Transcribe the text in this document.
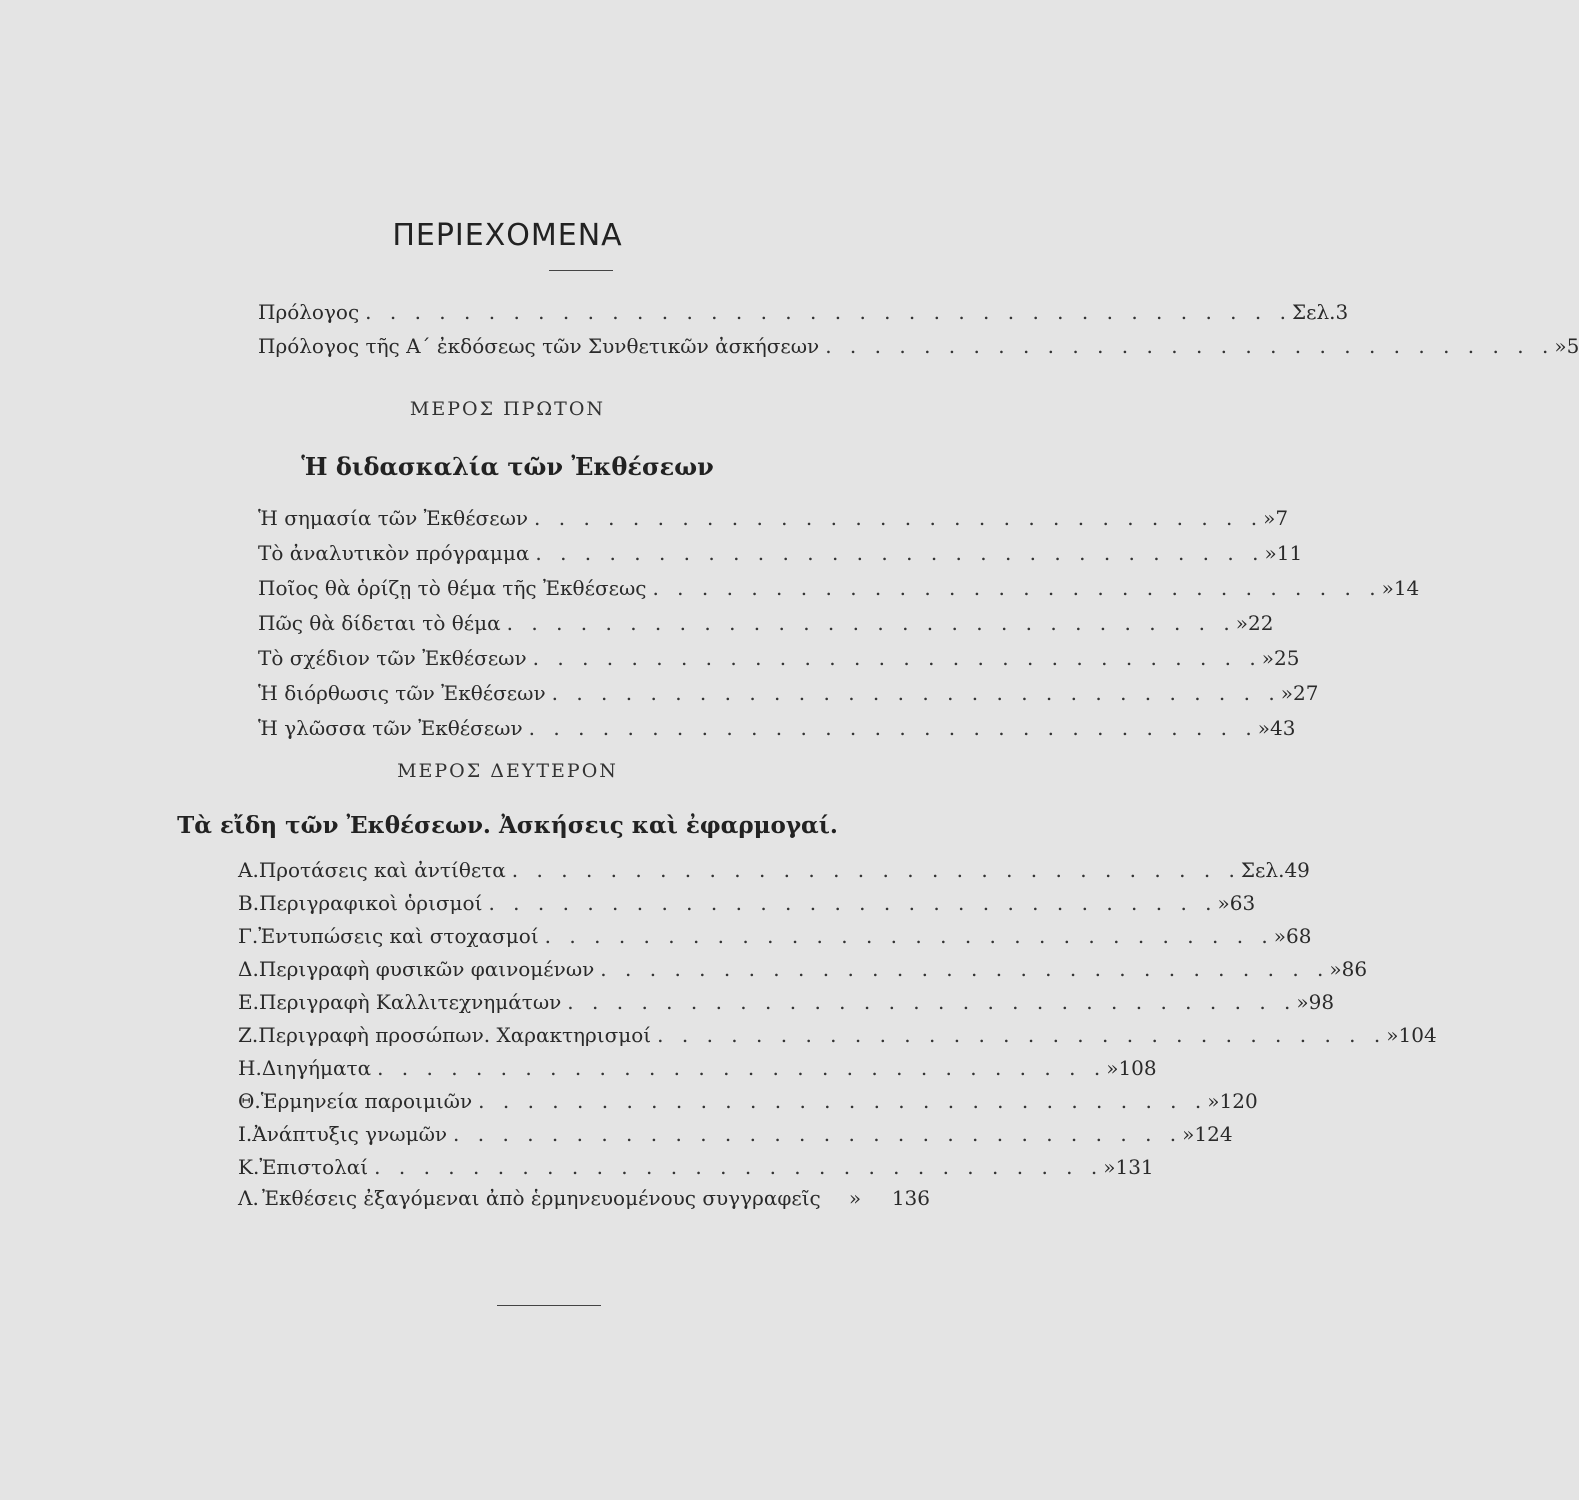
ΠΕΡΙΕΧΟΜΕΝΑ
Πρόλογος . . . . . . . . . . . . . . . . . . . . . . . . . . . . . . . . . . . . . . Σελ. 3
Πρόλογος τῆς Α΄ ἐκδόσεως τῶν Συνθετικῶν ἀσκήσεων . . . . . . . . . . . . . . . . . . . . . . . . . . . . . . » 5
ΜΕΡΟΣ ΠΡΩΤΟΝ
Ἡ διδασκαλία τῶν Ἐκθέσεων
Ἡ σημασία τῶν Ἐκθέσεων . . . . . . . . . . . . . . . . . . . . . . . . . . . . . . » 7
Τὸ ἀναλυτικὸν πρόγραμμα . . . . . . . . . . . . . . . . . . . . . . . . . . . . . . » 11
Ποῖος θὰ ὁρίζῃ τὸ θέμα τῆς Ἐκθέσεως . . . . . . . . . . . . . . . . . . . . . . . . . . . . . . » 14
Πῶς θὰ δίδεται τὸ θέμα . . . . . . . . . . . . . . . . . . . . . . . . . . . . . . » 22
Τὸ σχέδιον τῶν Ἐκθέσεων . . . . . . . . . . . . . . . . . . . . . . . . . . . . . . » 25
Ἡ διόρθωσις τῶν Ἐκθέσεων . . . . . . . . . . . . . . . . . . . . . . . . . . . . . . » 27
Ἡ γλῶσσα τῶν Ἐκθέσεων . . . . . . . . . . . . . . . . . . . . . . . . . . . . . . » 43
ΜΕΡΟΣ ΔΕΥΤΕΡΟΝ
Τὰ εἴδη τῶν Ἐκθέσεων. Ἀσκήσεις καὶ ἐφαρμογαί.
Α. Προτάσεις καὶ ἀντίθετα . . . . . . . . . . . . . . . . . . . . . . . . . . . . . . Σελ. 49
Β. Περιγραφικοὶ ὁρισμοί . . . . . . . . . . . . . . . . . . . . . . . . . . . . . . » 63
Γ. Ἐντυπώσεις καὶ στοχασμοί . . . . . . . . . . . . . . . . . . . . . . . . . . . . . . » 68
Δ. Περιγραφὴ φυσικῶν φαινομένων . . . . . . . . . . . . . . . . . . . . . . . . . . . . . . » 86
Ε. Περιγραφὴ Καλλιτεχνημάτων . . . . . . . . . . . . . . . . . . . . . . . . . . . . . . » 98
Ζ. Περιγραφὴ προσώπων. Χαρακτηρισμοί . . . . . . . . . . . . . . . . . . . . . . . . . . . . . . » 104
Η. Διηγήματα . . . . . . . . . . . . . . . . . . . . . . . . . . . . . . » 108
Θ. Ἑρμηνεία παροιμιῶν . . . . . . . . . . . . . . . . . . . . . . . . . . . . . . » 120
Ι. Ἀνάπτυξις γνωμῶν . . . . . . . . . . . . . . . . . . . . . . . . . . . . . . » 124
Κ. Ἐπιστολαί . . . . . . . . . . . . . . . . . . . . . . . . . . . . . . » 131
Λ. Ἐκθέσεις ἐξαγόμεναι ἀπὸ ἑρμηνευομένους συγγραφεῖς	»	136
